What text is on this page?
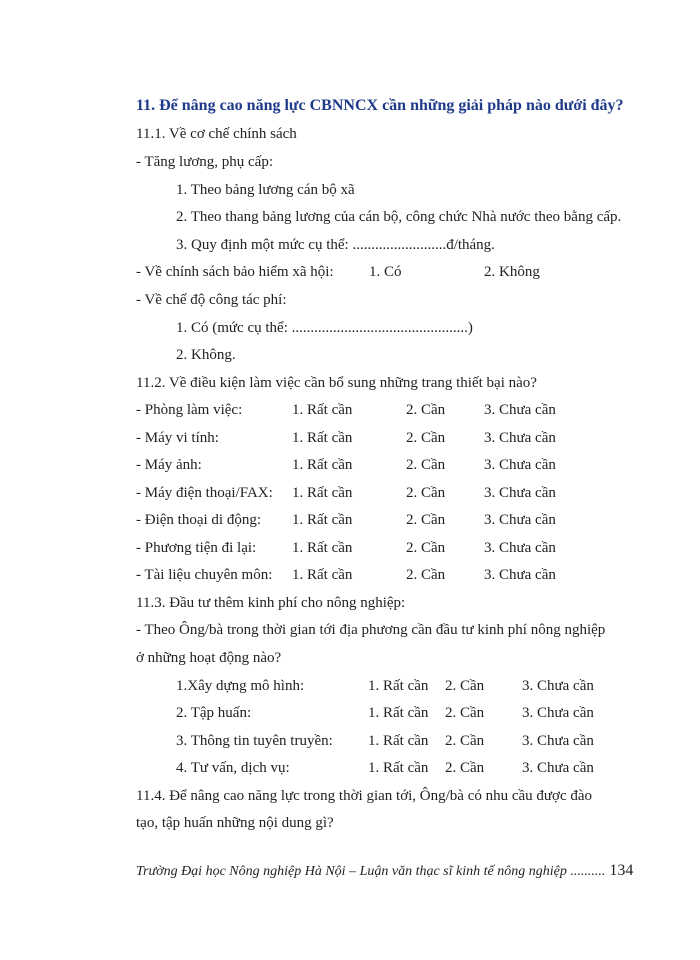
11. Để nâng cao năng lực CBNNCX cần những giải pháp nào dưới đây?
11.1. Về cơ chế chính sách
- Tăng lương, phụ cấp:
1. Theo bảng lương cán bộ xã
2. Theo thang bảng lương của cán bộ, công chức Nhà nước theo bằng cấp.
3. Quy định một mức cụ thể: .........................đ/tháng.
- Về chính sách bảo hiểm xã hội: 1. Có	2. Không
- Về chế độ công tác phí:
1. Có (mức cụ thể: ...............................................)
2. Không.
11.2. Về điều kiện làm việc cần bổ sung những trang thiết bại nào?
- Phòng làm việc:	1. Rất cần	2. Cần	3. Chưa cần
- Máy vi tính:	1. Rất cần	2. Cần	3. Chưa cần
- Máy ảnh:	1. Rất cần	2. Cần	3. Chưa cần
- Máy điện thoại/FAX: 1. Rất cần	2. Cần	3. Chưa cần
- Điện thoại di động: 1. Rất cần	2. Cần	3. Chưa cần
- Phương tiện đi lại: 1. Rất cần	2. Cần	3. Chưa cần
- Tài liệu chuyên môn: 1. Rất cần	2. Cần	3. Chưa cần
11.3. Đầu tư thêm kinh phí cho nông nghiệp:
- Theo Ông/bà trong thời gian tới địa phương cần đầu tư kinh phí nông nghiệp
ở những hoạt động nào?
1.Xây dựng mô hình:	1. Rất cần 2. Cần	3. Chưa cần
2. Tập huấn:	1. Rất cần 2. Cần	3. Chưa cần
3. Thông tin tuyên truyền: 1. Rất cần 2. Cần	3. Chưa cần
4. Tư vấn, dịch vụ:	1. Rất cần 2. Cần	3. Chưa cần
11.4. Để nâng cao năng lực trong thời gian tới, Ông/bà có nhu cầu được đào
tạo, tập huấn những nội dung gì?
Trường Đại học Nông nghiệp Hà Nội – Luận văn thạc sĩ kinh tế nông nghiệp .......... 134
